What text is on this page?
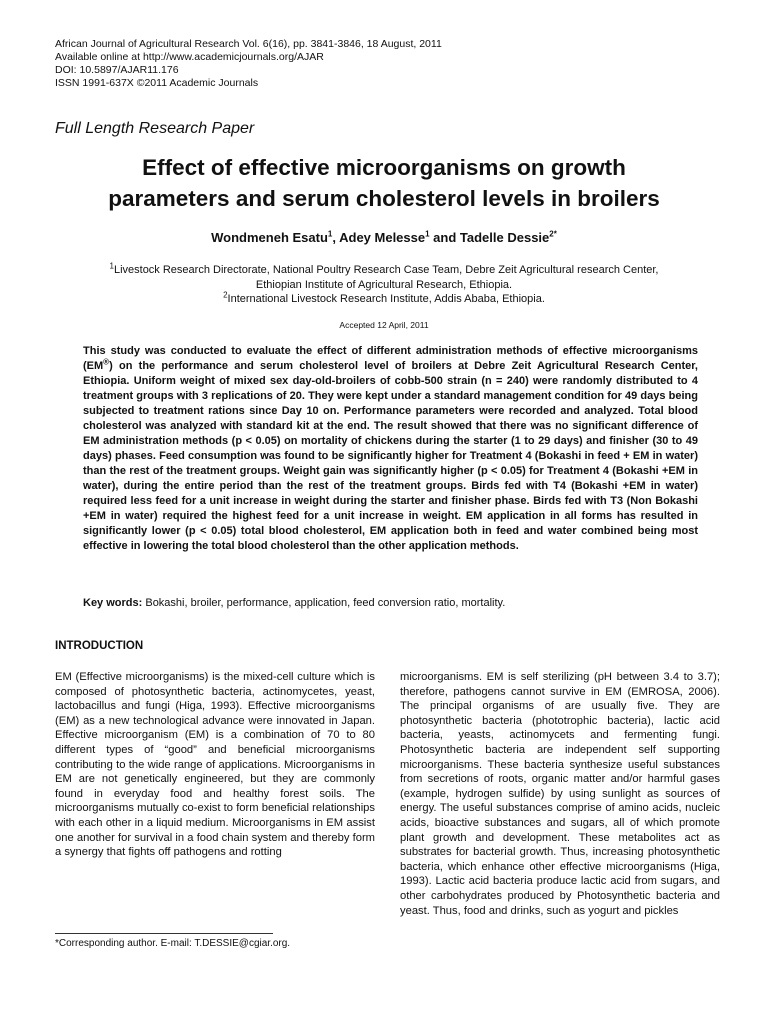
African Journal of Agricultural Research Vol. 6(16), pp. 3841-3846, 18 August, 2011
Available online at http://www.academicjournals.org/AJAR
DOI: 10.5897/AJAR11.176
ISSN 1991-637X ©2011 Academic Journals
Full Length Research Paper
Effect of effective microorganisms on growth
parameters and serum cholesterol levels in broilers
Wondmeneh Esatu$^1$, Adey Melesse$^1$ and Tadelle Dessie$^{2*}$
$^1$Livestock Research Directorate, National Poultry Research Case Team, Debre Zeit Agricultural research Center,
Ethiopian Institute of Agricultural Research, Ethiopia.
$^2$International Livestock Research Institute, Addis Ababa, Ethiopia.
Accepted 12 April, 2011
This study was conducted to evaluate the effect of different administration methods of effective microorganisms (EM®) on the performance and serum cholesterol level of broilers at Debre Zeit Agricultural Research Center, Ethiopia. Uniform weight of mixed sex day-old-broilers of cobb-500 strain (n = 240) were randomly distributed to 4 treatment groups with 3 replications of 20. They were kept under a standard management condition for 49 days being subjected to treatment rations since Day 10 on. Performance parameters were recorded and analyzed. Total blood cholesterol was analyzed with standard kit at the end. The result showed that there was no significant difference of EM administration methods (p < 0.05) on mortality of chickens during the starter (1 to 29 days) and finisher (30 to 49 days) phases. Feed consumption was found to be significantly higher for Treatment 4 (Bokashi in feed + EM in water) than the rest of the treatment groups. Weight gain was significantly higher (p < 0.05) for Treatment 4 (Bokashi +EM in water), during the entire period than the rest of the treatment groups. Birds fed with T4 (Bokashi +EM in water) required less feed for a unit increase in weight during the starter and finisher phase. Birds fed with T3 (Non Bokashi +EM in water) required the highest feed for a unit increase in weight. EM application in all forms has resulted in significantly lower (p < 0.05) total blood cholesterol, EM application both in feed and water combined being most effective in lowering the total blood cholesterol than the other application methods.
Key words: Bokashi, broiler, performance, application, feed conversion ratio, mortality.
INTRODUCTION
EM (Effective microorganisms) is the mixed-cell culture which is composed of photosynthetic bacteria, actinomycetes, yeast, lactobacillus and fungi (Higa, 1993). Effective microorganisms (EM) as a new technological advance were innovated in Japan. Effective microorganism (EM) is a combination of 70 to 80 different types of “good” and beneficial microorganisms contributing to the wide range of applications. Microorganisms in EM are not genetically engineered, but they are commonly found in everyday food and healthy forest soils. The microorganisms mutually co-exist to form beneficial relationships with each other in a liquid medium. Microorganisms in EM assist one another for survival in a food chain system and thereby form a synergy that fights off pathogens and rotting
microorganisms. EM is self sterilizing (pH between 3.4 to 3.7); therefore, pathogens cannot survive in EM (EMROSA, 2006). The principal organisms of are usually five. They are photosynthetic bacteria (phototrophic bacteria), lactic acid bacteria, yeasts, actinomycets and fermenting fungi. Photosynthetic bacteria are independent self supporting microorganisms. These bacteria synthesize useful substances from secretions of roots, organic matter and/or harmful gases (example, hydrogen sulfide) by using sunlight as sources of energy. The useful substances comprise of amino acids, nucleic acids, bioactive substances and sugars, all of which promote plant growth and development. These metabolites act as substrates for bacterial growth. Thus, increasing photosynthetic bacteria, which enhance other effective microorganisms (Higa, 1993). Lactic acid bacteria produce lactic acid from sugars, and other carbohydrates produced by Photosynthetic bacteria and yeast. Thus, food and drinks, such as yogurt and pickles
*Corresponding author. E-mail: T.DESSIE@cgiar.org.
